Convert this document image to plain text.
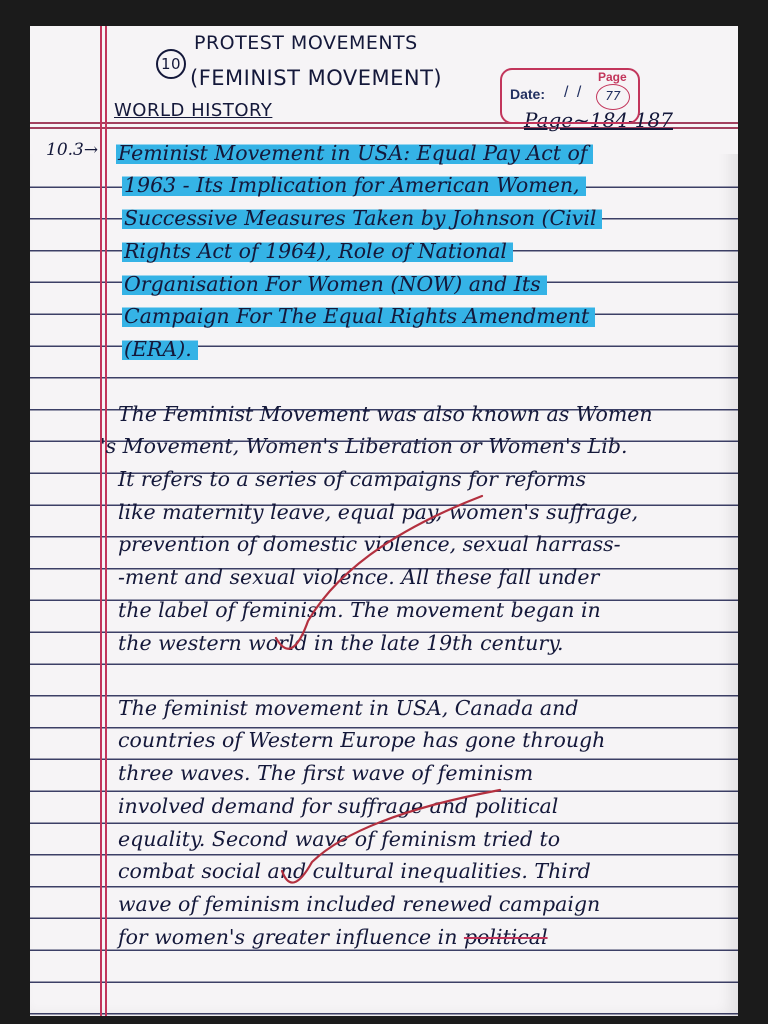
10

PROTEST MOVEMENTS

(FEMINIST MOVEMENT)

WORLD HISTORY	Page~184-187

Date: / /
Page
77

10.3→ Feminist Movement in USA: Equal Pay Act of

1963 - Its Implication for American Women,

Successive Measures Taken by Johnson (Civil

Rights Act of 1964), Role of National

Organisation For Women (NOW) and Its

Campaign For The Equal Rights Amendment

(ERA).

The Feminist Movement was also known as Women

's Movement, Women's Liberation or Women's Lib.

It refers to a series of campaigns for reforms

like maternity leave, equal pay, women's suffrage,

prevention of domestic violence, sexual harrass-

-ment and sexual violence. All these fall under

the label of feminism. The movement began in

the western world in the late 19th century.

The feminist movement in USA, Canada and

countries of Western Europe has gone through

three waves. The first wave of feminism

involved demand for suffrage and political

equality. Second wave of feminism tried to

combat social and cultural inequalities. Third

wave of feminism included renewed campaign

for women's greater influence in political
